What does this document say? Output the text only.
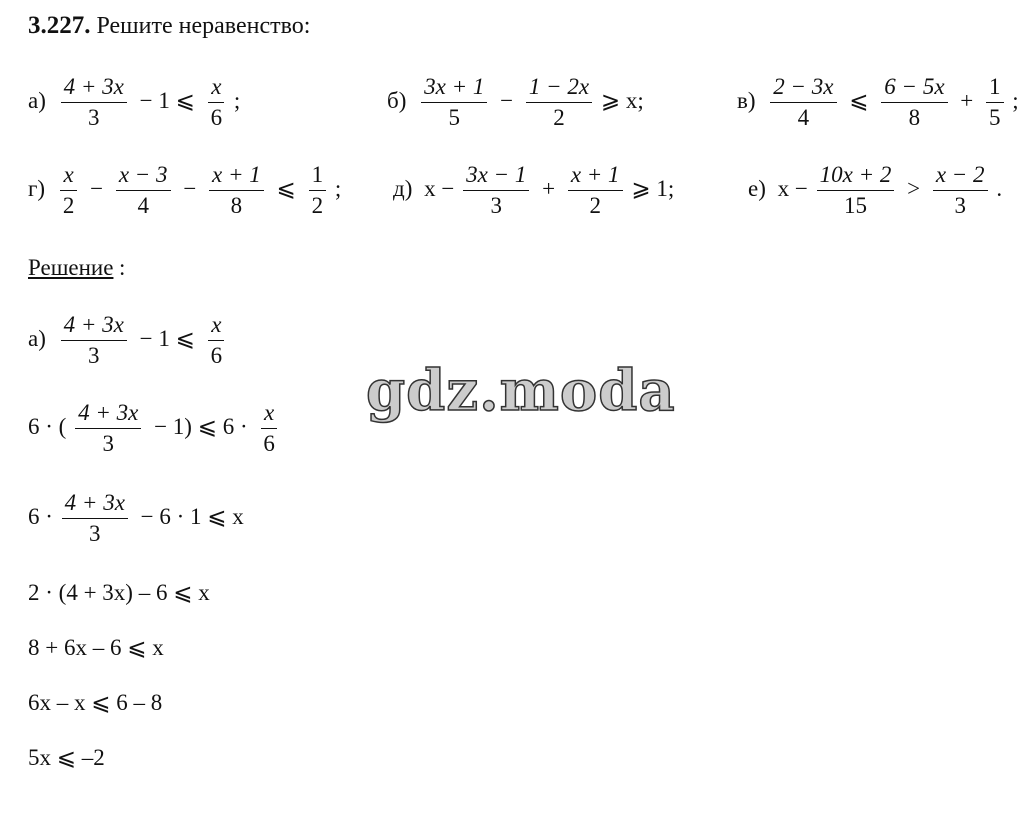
3.227. Решите неравенство:
$а) \frac{4 + 3x}{3} - 1$ ⩽ $\frac{x}{6}$ ;	$б) \frac{3x + 1}{5} - \frac{1 - 2x}{2}$ ⩾ x;	$в) \frac{2 - 3x}{4}$ ⩽ $\frac{6 - 5x}{8} + \frac{1}{5}$ ;
$г) \frac{x}{2} - \frac{x - 3}{4} - \frac{x + 1}{8}$ ⩽ $\frac{1}{2}$ ; д) $x - \frac{3x - 1}{3} + \frac{x + 1}{2}$ ⩾ 1;	е) $x - \frac{10x + 2}{15} > \frac{x - 2}{3}$ .
Решение :
$а) \frac{4 + 3x}{3} - 1$ ⩽ $\frac{x}{6}$
6 · ( $\frac{4 + 3x}{3} - 1$) ⩽ $6 \cdot \frac{x}{6}$
$6 \cdot \frac{4 + 3x}{3} - 6 \cdot 1$ ⩽ x
2 · (4 + 3x) – 6 ⩽ x
8 + 6x – 6 ⩽ x
6x – x ⩽ 6 – 8
5x ⩽ –2
gdz.moda
